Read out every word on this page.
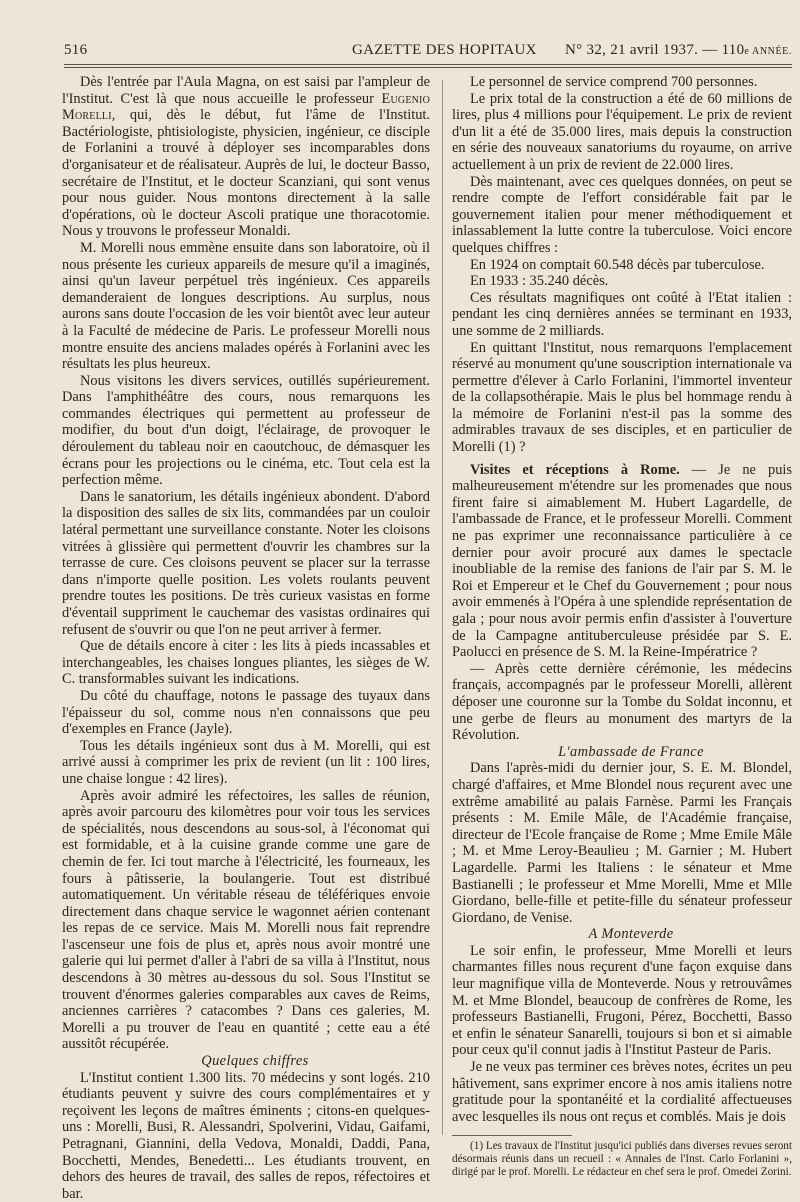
516	GAZETTE DES HOPITAUX N° 32, 21 avril 1937. — 110e ANNÉE.

Dès l'entrée par l'Aula Magna, on est saisi par l'ampleur de l'Institut. C'est là que nous accueille le professeur Eugenio Morelli, qui, dès le début, fut l'âme de l'Institut. Bactériologiste, phtisiologiste, physicien, ingénieur, ce disciple de Forlanini a trouvé à déployer ses incomparables dons d'organisateur et de réalisateur. Auprès de lui, le docteur Basso, secrétaire de l'Institut, et le docteur Scanziani, qui sont venus pour nous guider. Nous montons directement à la salle d'opérations, où le docteur Ascoli pratique une thoracotomie. Nous y trouvons le professeur Monaldi.

M. Morelli nous emmène ensuite dans son laboratoire, où il nous présente les curieux appareils de mesure qu'il a imaginés, ainsi qu'un laveur perpétuel très ingénieux. Ces appareils demanderaient de longues descriptions. Au surplus, nous aurons sans doute l'occasion de les voir bientôt avec leur auteur à la Faculté de médecine de Paris. Le professeur Morelli nous montre ensuite des anciens malades opérés à Forlanini avec les résultats les plus heureux.

Nous visitons les divers services, outillés supérieurement. Dans l'amphithéâtre des cours, nous remarquons les commandes électriques qui permettent au professeur de modifier, du bout d'un doigt, l'éclairage, de provoquer le déroulement du tableau noir en caoutchouc, de démasquer les écrans pour les projections ou le cinéma, etc. Tout cela est la perfection même.

Dans le sanatorium, les détails ingénieux abondent. D'abord la disposition des salles de six lits, commandées par un couloir latéral permettant une surveillance constante. Noter les cloisons vitrées à glissière qui permettent d'ouvrir les chambres sur la terrasse de cure. Ces cloisons peuvent se placer sur la terrasse dans n'importe quelle position. Les volets roulants peuvent prendre toutes les positions. De très curieux vasistas en forme d'éventail suppriment le cauchemar des vasistas ordinaires qui refusent de s'ouvrir ou que l'on ne peut arriver à fermer.

Que de détails encore à citer : les lits à pieds incassables et interchangeables, les chaises longues pliantes, les sièges de W. C. transformables suivant les indications.

Du côté du chauffage, notons le passage des tuyaux dans l'épaisseur du sol, comme nous n'en connaissons que peu d'exemples en France (Jayle).

Tous les détails ingénieux sont dus à M. Morelli, qui est arrivé aussi à comprimer les prix de revient (un lit : 100 lires, une chaise longue : 42 lires).

Après avoir admiré les réfectoires, les salles de réunion, après avoir parcouru des kilomètres pour voir tous les services de spécialités, nous descendons au sous-sol, à l'économat qui est formidable, et à la cuisine grande comme une gare de chemin de fer. Ici tout marche à l'électricité, les fourneaux, les fours à pâtisserie, la boulangerie. Tout est distribué automatiquement. Un véritable réseau de téléfériques envoie directement dans chaque service le wagonnet aérien contenant les repas de ce service. Mais M. Morelli nous fait reprendre l'ascenseur une fois de plus et, après nous avoir montré une galerie qui lui permet d'aller à l'abri de sa villa à l'Institut, nous descendons à 30 mètres au-dessous du sol. Sous l'Institut se trouvent d'énormes galeries comparables aux caves de Reims, anciennes carrières ? catacombes ? Dans ces galeries, M. Morelli a pu trouver de l'eau en quantité ; cette eau a été aussitôt récupérée.

Quelques chiffres

L'Institut contient 1.300 lits. 70 médecins y sont logés. 210 étudiants peuvent y suivre des cours complémentaires et y reçoivent les leçons de maîtres éminents ; citons-en quelques-uns : Morelli, Busi, R. Alessandri, Spolverini, Vidau, Gaifami, Petragnani, Giannini, della Vedova, Monaldi, Daddi, Pana, Bocchetti, Mendes, Benedetti... Les étudiants trouvent, en dehors des heures de travail, des salles de repos, réfectoires et bar.

Le personnel de service comprend 700 personnes.

Le prix total de la construction a été de 60 millions de lires, plus 4 millions pour l'équipement. Le prix de revient d'un lit a été de 35.000 lires, mais depuis la construction en série des nouveaux sanatoriums du royaume, on arrive actuellement à un prix de revient de 22.000 lires.

Dès maintenant, avec ces quelques données, on peut se rendre compte de l'effort considérable fait par le gouvernement italien pour mener méthodiquement et inlassablement la lutte contre la tuberculose. Voici encore quelques chiffres :

En 1924 on comptait 60.548 décès par tuberculose.

En 1933 : 35.240 décès.

Ces résultats magnifiques ont coûté à l'Etat italien : pendant les cinq dernières années se terminant en 1933, une somme de 2 milliards.

En quittant l'Institut, nous remarquons l'emplacement réservé au monument qu'une souscription internationale va permettre d'élever à Carlo Forlanini, l'immortel inventeur de la collapsothérapie. Mais le plus bel hommage rendu à la mémoire de Forlanini n'est-il pas la somme des admirables travaux de ses disciples, et en particulier de Morelli (1) ?

Visites et réceptions à Rome. — Je ne puis malheureusement m'étendre sur les promenades que nous firent faire si aimablement M. Hubert Lagardelle, de l'ambassade de France, et le professeur Morelli. Comment ne pas exprimer une reconnaissance particulière à ce dernier pour avoir procuré aux dames le spectacle inoubliable de la remise des fanions de l'air par S. M. le Roi et Empereur et le Chef du Gouvernement ; pour nous avoir emmenés à l'Opéra à une splendide représentation de gala ; pour nous avoir permis enfin d'assister à l'ouverture de la Campagne antituberculeuse présidée par S. E. Paolucci en présence de S. M. la Reine-Impératrice ?

— Après cette dernière cérémonie, les médecins français, accompagnés par le professeur Morelli, allèrent déposer une couronne sur la Tombe du Soldat inconnu, et une gerbe de fleurs au monument des martyrs de la Révolution.

L'ambassade de France

Dans l'après-midi du dernier jour, S. E. M. Blondel, chargé d'affaires, et Mme Blondel nous reçurent avec une extrême amabilité au palais Farnèse. Parmi les Français présents : M. Emile Mâle, de l'Académie française, directeur de l'Ecole française de Rome ; Mme Emile Mâle ; M. et Mme Leroy-Beaulieu ; M. Garnier ; M. Hubert Lagardelle. Parmi les Italiens : le sénateur et Mme Bastianelli ; le professeur et Mme Morelli, Mme et Mlle Giordano, belle-fille et petite-fille du sénateur professeur Giordano, de Venise.

A Monteverde

Le soir enfin, le professeur, Mme Morelli et leurs charmantes filles nous reçurent d'une façon exquise dans leur magnifique villa de Monteverde. Nous y retrouvâmes M. et Mme Blondel, beaucoup de confrères de Rome, les professeurs Bastianelli, Frugoni, Pérez, Bocchetti, Basso et enfin le sénateur Sanarelli, toujours si bon et si aimable pour ceux qu'il connut jadis à l'Institut Pasteur de Paris.

Je ne veux pas terminer ces brèves notes, écrites un peu hâtivement, sans exprimer encore à nos amis italiens notre gratitude pour la spontanéité et la cordialité affectueuses avec lesquelles ils nous ont reçus et comblés. Mais je dois

(1) Les travaux de l'Institut jusqu'ici publiés dans diverses revues seront désormais réunis dans un recueil : « Annales de l'Inst. Carlo Forlanini », dirigé par le prof. Morelli. Le rédacteur en chef sera le prof. Omedei Zorini.
